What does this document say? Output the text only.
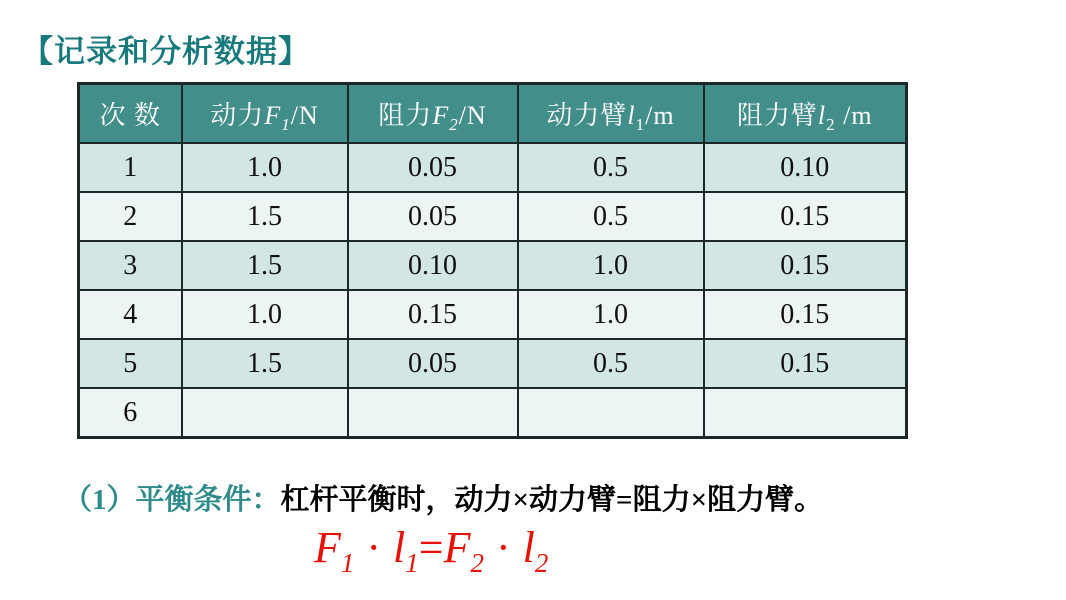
【记录和分析数据】
次 数	动力$F_1/N$	阻力$F_2/N$	动力臂$l_1/m$	阻力臂$l_2$ /m
1	1.0	0.05	0.5	0.10
2	1.5	0.05	0.5	0.15
3	1.5	0.10	1.0	0.15
4	1.0	0.15	1.0	0.15
5	1.5	0.05	0.5	0.15
6				
（1）平衡条件：杠杆平衡时，动力×动力臂=阻力×阻力臂。
$F_1 \cdot l_1=F_2 \cdot l_2$
